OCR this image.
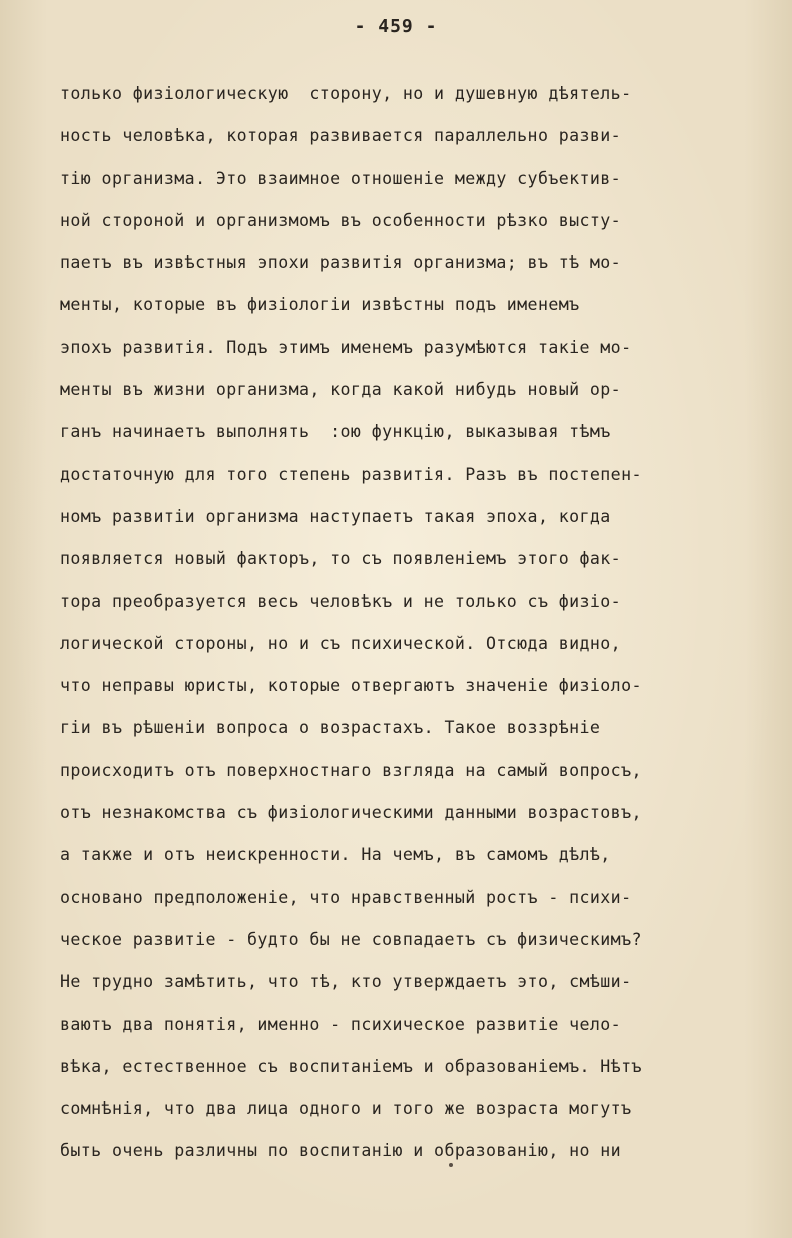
- 459 -
только физiологическую  сторону, но и душевную дѣятель-
ность человѣка, которая развивается параллельно разви-
тiю организма. Это взаимное отношенiе между субъектив-
ной стороной и организмомъ въ особенности рѣзко высту-
паетъ въ извѣстныя эпохи развитiя организма; въ тѣ мо-
менты, которые въ физiологiи извѣстны подъ именемъ
эпохъ развитiя. Подъ этимъ именемъ разумѣются такiе мо-
менты въ жизни организма, когда какой нибудь новый ор-
ганъ начинаетъ выполнять  :ою функцiю, выказывая тѣмъ
достаточную для того степень развитiя. Разъ въ постепен-
номъ развитiи организма наступаетъ такая эпоха, когда
появляется новый факторъ, то съ появленiемъ этого фак-
тора преобразуется весь человѣкъ и не только съ физiо-
логической стороны, но и съ психической. Отсюда видно,
что неправы юристы, которые отвергаютъ значенiе физiоло-
гiи въ рѣшенiи вопроса о возрастахъ. Такое воззрѣнiе
происходитъ отъ поверхностнаго взгляда на самый вопросъ,
отъ незнакомства съ физiологическими данными возрастовъ,
а также и отъ неискренности. На чемъ, въ самомъ дѣлѣ,
основано предположенiе, что нравственный ростъ - психи-
ческое развитiе - будто бы не совпадаетъ съ физическимъ?
Не трудно замѣтить, что тѣ, кто утверждаетъ это, смѣши-
ваютъ два понятiя, именно - психическое развитiе чело-
вѣка, естественное съ воспитанiемъ и образованiемъ. Нѣтъ
сомнѣнiя, что два лица одного и того же возраста могутъ
быть очень различны по воспитанiю и образованiю, но ни
